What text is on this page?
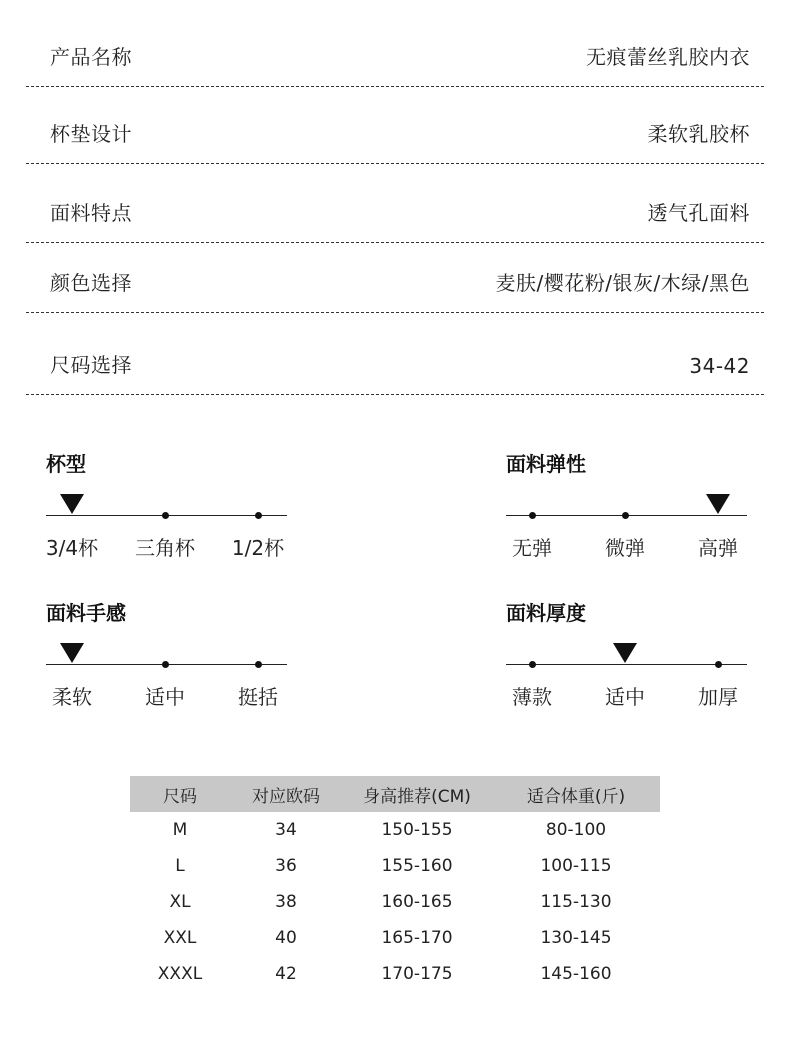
产品名称	无痕蕾丝乳胶内衣
杯垫设计	柔软乳胶杯
面料特点	透气孔面料
颜色选择	麦肤/樱花粉/银灰/木绿/黑色
尺码选择	34-42
杯型
3/4杯 三角杯 1/2杯
面料弹性
无弹	微弹	高弹
面料手感
柔软	适中	挺括
面料厚度
薄款	适中	加厚
尺码	对应欧码	身高推荐(CM)	适合体重(斤)
M	34	150-155	80-100
L	36	155-160	100-115
XL	38	160-165	115-130
XXL	40	165-170	130-145
XXXL	42	170-175	145-160
